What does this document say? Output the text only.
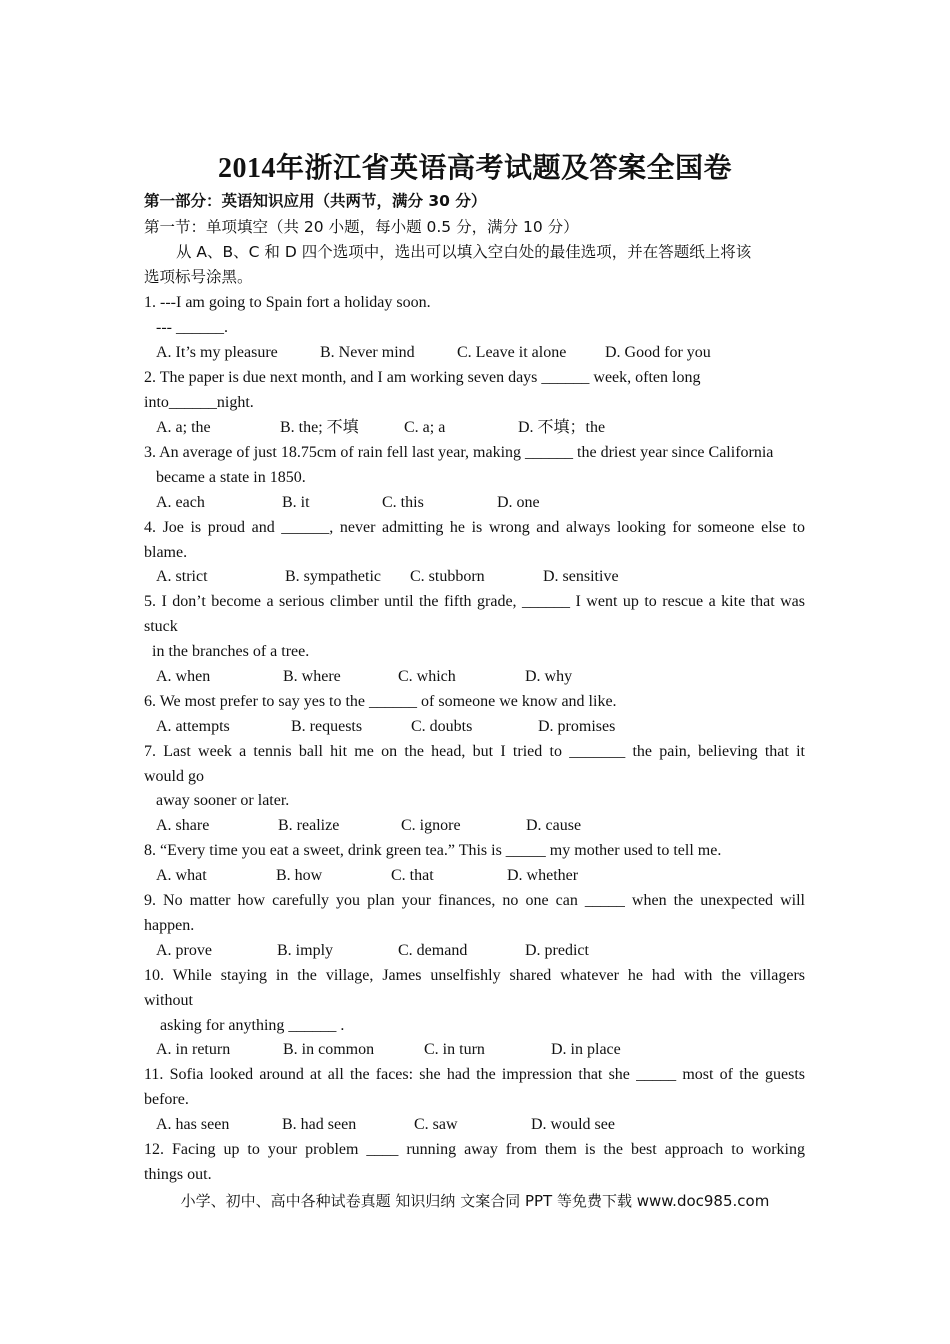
2014年浙江省英语高考试题及答案全国卷
第一部分：英语知识应用（共两节，满分 30 分）
第一节：单项填空（共 20 小题，每小题 0.5 分，满分 10 分）
从 A、B、C 和 D 四个选项中，选出可以填入空白处的最佳选项，并在答题纸上将该
选项标号涂黑。
1. ---I am going to Spain fort a holiday soon.
--- ______.
A. It’s my pleasure	B. Never mind	C. Leave it alone D. Good for you
2. The paper is due next month, and I am working seven days ______ week, often long
into______night.
A. a; the	B. the; 不填	C. a; a	D. 不填；the
3. An average of just 18.75cm of rain fell last year, making ______ the driest year since California
became a state in 1850.
A. each	B. it	C. this	D. one
4. Joe is proud and ______, never admitting he is wrong and always looking for someone else to
blame.
A. strict	B. sympathetic C. stubborn	D. sensitive
5. I don’t become a serious climber until the fifth grade, ______ I went up to rescue a kite that was
stuck
in the branches of a tree.
A. when	B. where	C. which	D. why
6. We most prefer to say yes to the ______ of someone we know and like.
A. attempts	B. requests	C. doubts	D. promises
7. Last week a tennis ball hit me on the head, but I tried to _______ the pain, believing that it
would go
away sooner or later.
A. share	B. realize	C. ignore	D. cause
8. “Every time you eat a sweet, drink green tea.” This is _____ my mother used to tell me.
A. what	B. how	C. that	D. whether
9. No matter how carefully you plan your finances, no one can _____ when the unexpected will
happen.
A. prove	B. imply	C. demand	D. predict
10. While staying in the village, James unselfishly shared whatever he had with the villagers
without
asking for anything ______ .
A. in return	B. in common	C. in turn	D. in place
11. Sofia looked around at all the faces: she had the impression that she _____ most of the guests
before.
A. has seen	B. had seen	C. saw	D. would see
12. Facing up to your problem ____ running away from them is the best approach to working
things out.
小学、初中、高中各种试卷真题 知识归纳 文案合同 PPT 等免费下载 www.doc985.com
